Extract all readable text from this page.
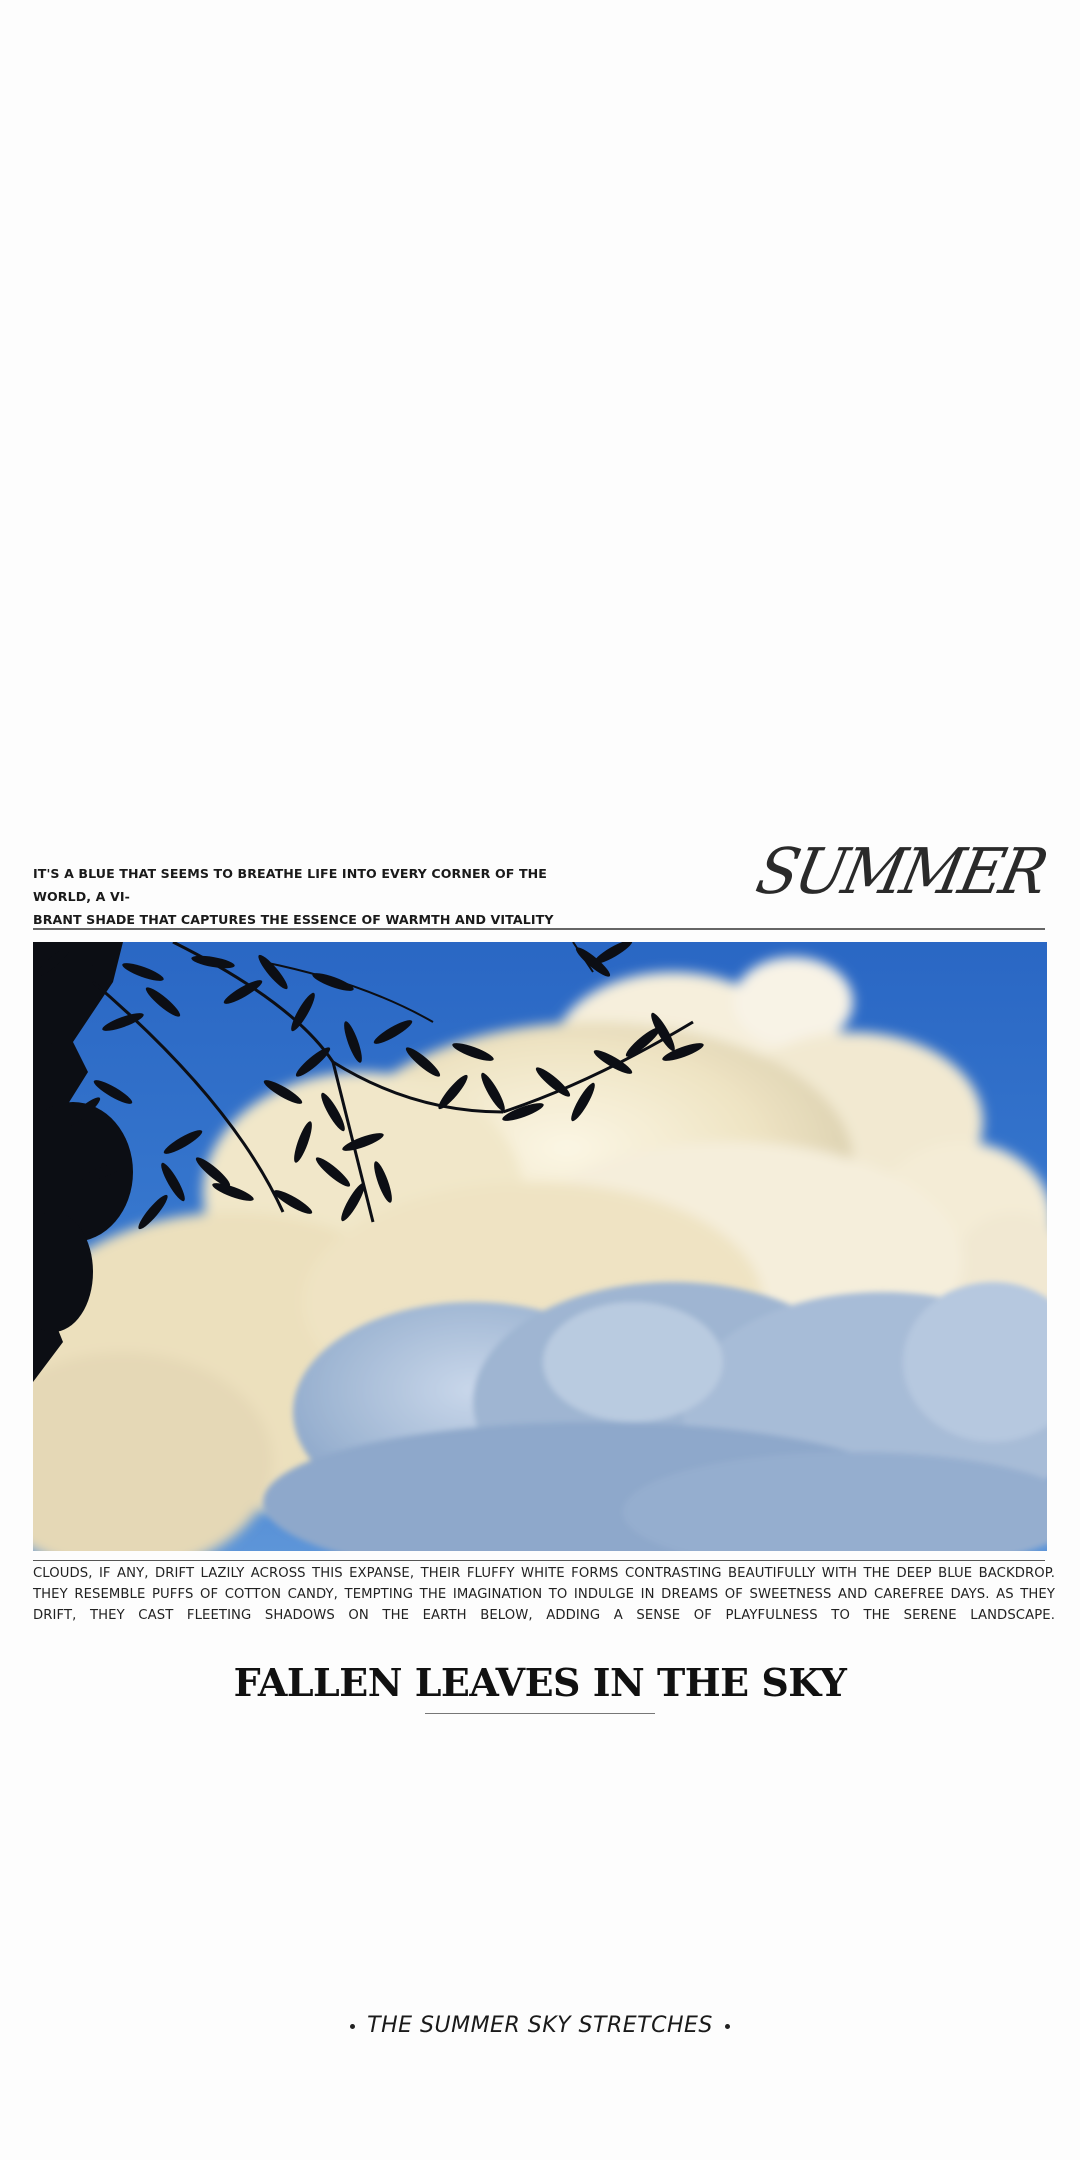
IT'S A BLUE THAT SEEMS TO BREATHE LIFE INTO EVERY CORNER OF THE WORLD, A VI-
BRANT SHADE THAT CAPTURES THE ESSENCE OF WARMTH AND VITALITY

SUMMER

CLOUDS, IF ANY, DRIFT LAZILY ACROSS THIS EXPANSE, THEIR FLUFFY WHITE FORMS CONTRASTING BEAUTIFULLY WITH THE DEEP BLUE BACKDROP.
THEY RESEMBLE PUFFS OF COTTON CANDY, TEMPTING THE IMAGINATION TO INDULGE IN DREAMS OF SWEETNESS AND CAREFREE DAYS. AS THEY
DRIFT, THEY CAST FLEETING SHADOWS ON THE EARTH BELOW, ADDING A SENSE OF PLAYFULNESS TO THE SERENE LANDSCAPE.

FALLEN LEAVES IN THE SKY
THE SUMMER SKY STRETCHES
